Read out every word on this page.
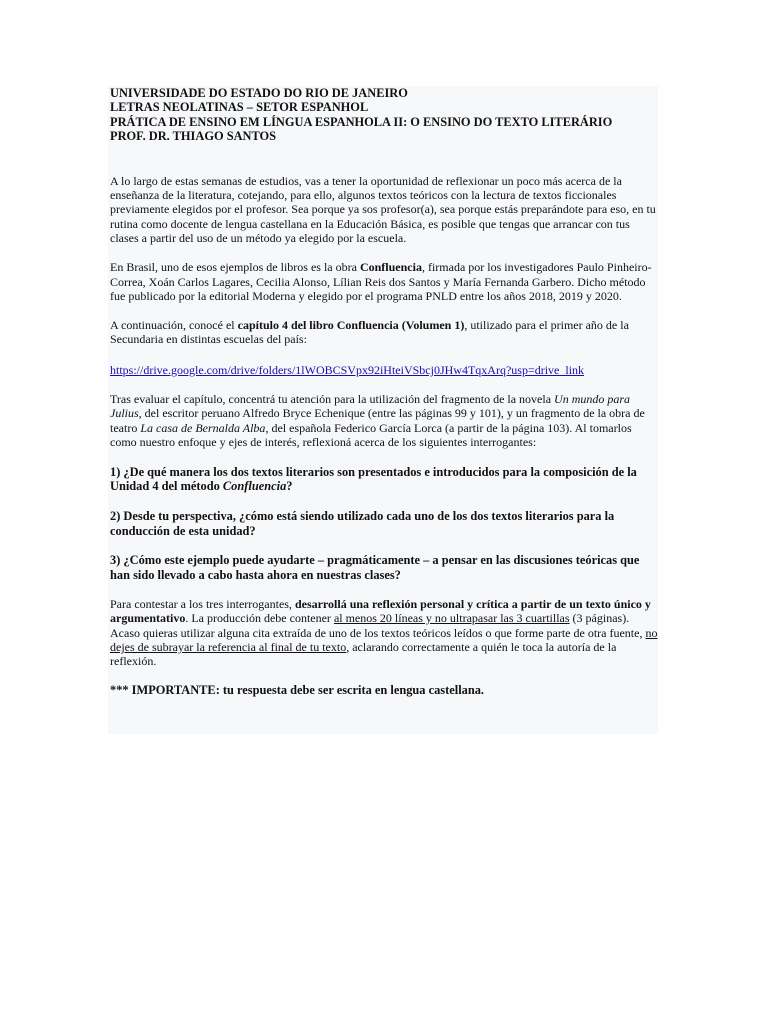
UNIVERSIDADE DO ESTADO DO RIO DE JANEIRO
LETRAS NEOLATINAS – SETOR ESPANHOL
PRÁTICA DE ENSINO EM LÍNGUA ESPANHOLA II: O ENSINO DO TEXTO LITERÁRIO
PROF. DR. THIAGO SANTOS

A lo largo de estas semanas de estudios, vas a tener la oportunidad de reflexionar un poco más acerca de la enseñanza de la literatura, cotejando, para ello, algunos textos teóricos con la lectura de textos ficcionales previamente elegidos por el profesor. Sea porque ya sos profesor(a), sea porque estás preparándote para eso, en tu rutina como docente de lengua castellana en la Educación Básica, es posible que tengas que arrancar con tus clases a partir del uso de un método ya elegido por la escuela.

En Brasil, uno de esos ejemplos de libros es la obra Confluencia, firmada por los investigadores Paulo Pinheiro-Correa, Xoán Carlos Lagares, Cecilia Alonso, Lílian Reis dos Santos y María Fernanda Garbero. Dicho método fue publicado por la editorial Moderna y elegido por el programa PNLD entre los años 2018, 2019 y 2020.

A continuación, conocé el capítulo 4 del libro Confluencia (Volumen 1), utilizado para el primer año de la Secundaria en distintas escuelas del país:

https://drive.google.com/drive/folders/1lWOBCSVpx92iHteiVSbcj0JHw4TqxArq?usp=drive_link

Tras evaluar el capítulo, concentrá tu atención para la utilización del fragmento de la novela Un mundo para Julius, del escritor peruano Alfredo Bryce Echenique (entre las páginas 99 y 101), y un fragmento de la obra de teatro La casa de Bernalda Alba, del española Federico García Lorca (a partir de la página 103). Al tomarlos como nuestro enfoque y ejes de interés, reflexioná acerca de los siguientes interrogantes:

1) ¿De qué manera los dos textos literarios son presentados e introducidos para la composición de la Unidad 4 del método Confluencia?

2) Desde tu perspectiva, ¿cómo está siendo utilizado cada uno de los dos textos literarios para la conducción de esta unidad?

3) ¿Cómo este ejemplo puede ayudarte – pragmáticamente – a pensar en las discusiones teóricas que han sido llevado a cabo hasta ahora en nuestras clases?

Para contestar a los tres interrogantes, desarrollá una reflexión personal y crítica a partir de un texto único y argumentativo. La producción debe contener al menos 20 líneas y no ultrapasar las 3 cuartillas (3 páginas). Acaso quieras utilizar alguna cita extraída de uno de los textos teóricos leídos o que forme parte de otra fuente, no dejes de subrayar la referencia al final de tu texto, aclarando correctamente a quién le toca la autoría de la reflexión.

*** IMPORTANTE: tu respuesta debe ser escrita en lengua castellana.
